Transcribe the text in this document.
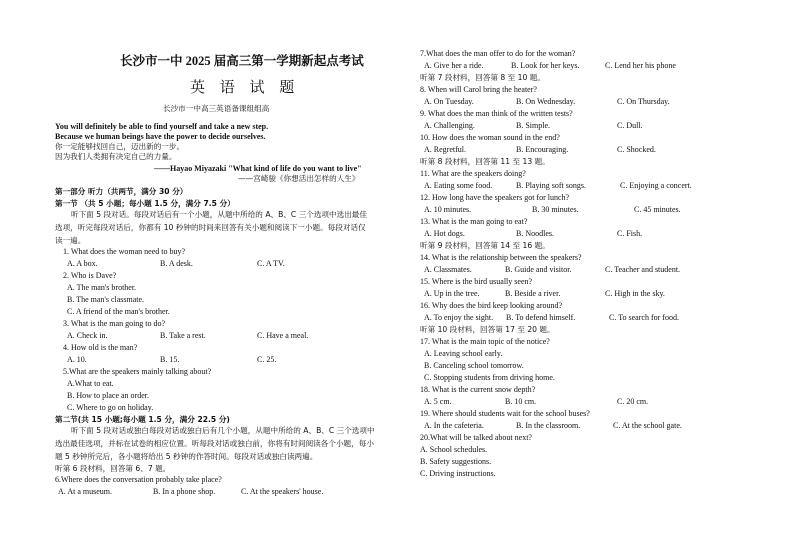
长沙市一中 2025 届高三第一学期新起点考试
英 语 试 题
长沙市一中高三英语备课组组高
You will definitely be able to find yourself and take a new step.
Because we human beings have the power to decide ourselves.
你一定能够找回自己，迈出新的一步。
因为我们人类拥有决定自己的力量。
——Hayao Miyazaki "What kind of life do you want to live"
——宫崎骏《你想活出怎样的人生》
第一部分 听力（共两节，满分 30 分）
第一节 （共 5 小题；每小题 1.5 分，满分 7.5 分）
听下面 5 段对话。每段对话后有一个小题，从题中所给的 A、B、C 三个选项中选出最佳选项，听完每段对话后，你都有 10 秒钟的时间来回答有关小题和阅读下一小题。每段对话仅读一遍。
1. What does the woman need to buy?
A. A box.	B. A desk.	C. A TV.
2. Who is Dave?
A. The man's brother.
B. The man's classmate.
C. A friend of the man's brother.
3. What is the man going to do?
A. Check in.	B. Take a rest.	C. Have a meal.
4. How old is the man?
A. 10.	B. 15.	C. 25.
5.What are the speakers mainly talking about?
A.What to eat.
B. How to place an order.
C. Where to go on holiday.
第二节(共 15 小题;每小题 1.5 分，满分 22.5 分)
听下面 5 段对话或独白每段对话或独白后有几个小题，从题中所给的 A、B、C 三个选项中选出最佳选项，并标在试卷的相应位置。听每段对话或独白前，你将有时间阅读各个小题，每小题 5 秒钟所完后，各小题将给出 5 秒钟的作答时间。每段对话或独白读两遍。
听第 6 段材料，回答第 6、7 题。
6.Where does the conversation probably take place?
A. At a museum.	B. In a phone shop.	C. At the speakers' house.
7.What does the man offer to do for the woman?
A. Give her a ride.	B. Look for her keys.	C. Lend her his phone
听第 7 段材料，回答第 8 至 10 题。
8. When will Carol bring the heater?
A. On Tuesday.	B. On Wednesday.	C. On Thursday.
9. What does the man think of the written tests?
A. Challenging.	B. Simple.	C. Dull.
10. How does the woman sound in the end?
A. Regretful.	B. Encouraging.	C. Shocked.
听第 8 段材料，回答第 11 至 13 题。
11. What are the speakers doing?
A. Eating some food.	B. Playing soft songs.	C. Enjoying a concert.
12. How long have the speakers got for lunch?
A. 10 minutes.	B. 30 minutes.	C. 45 minutes.
13. What is the man going to eat?
A. Hot dogs.	B. Noodles.	C. Fish.
听第 9 段材料，回答第 14 至 16 题。
14. What is the relationship between the speakers?
A. Classmates.	B. Guide and visitor.	C. Teacher and student.
15. Where is the bird usually seen?
A. Up in the tree.	B. Beside a river.	C. High in the sky.
16. Why does the bird keep looking around?
A. To enjoy the sight. B. To defend himself.	C. To search for food.
听第 10 段材料，回答第 17 至 20 题。
17. What is the main topic of the notice?
A. Leaving school early.
B. Canceling school tomorrow.
C. Stopping students from driving home.
18. What is the current snow depth?
A. 5 cm.	B. 10 cm.	C. 20 cm.
19. Where should students wait for the school buses?
A. In the cafeteria.	B. In the classroom.	C. At the school gate.
20.What will be talked about next?
A. School schedules.
B. Safety suggestions.
C. Driving instructions.
